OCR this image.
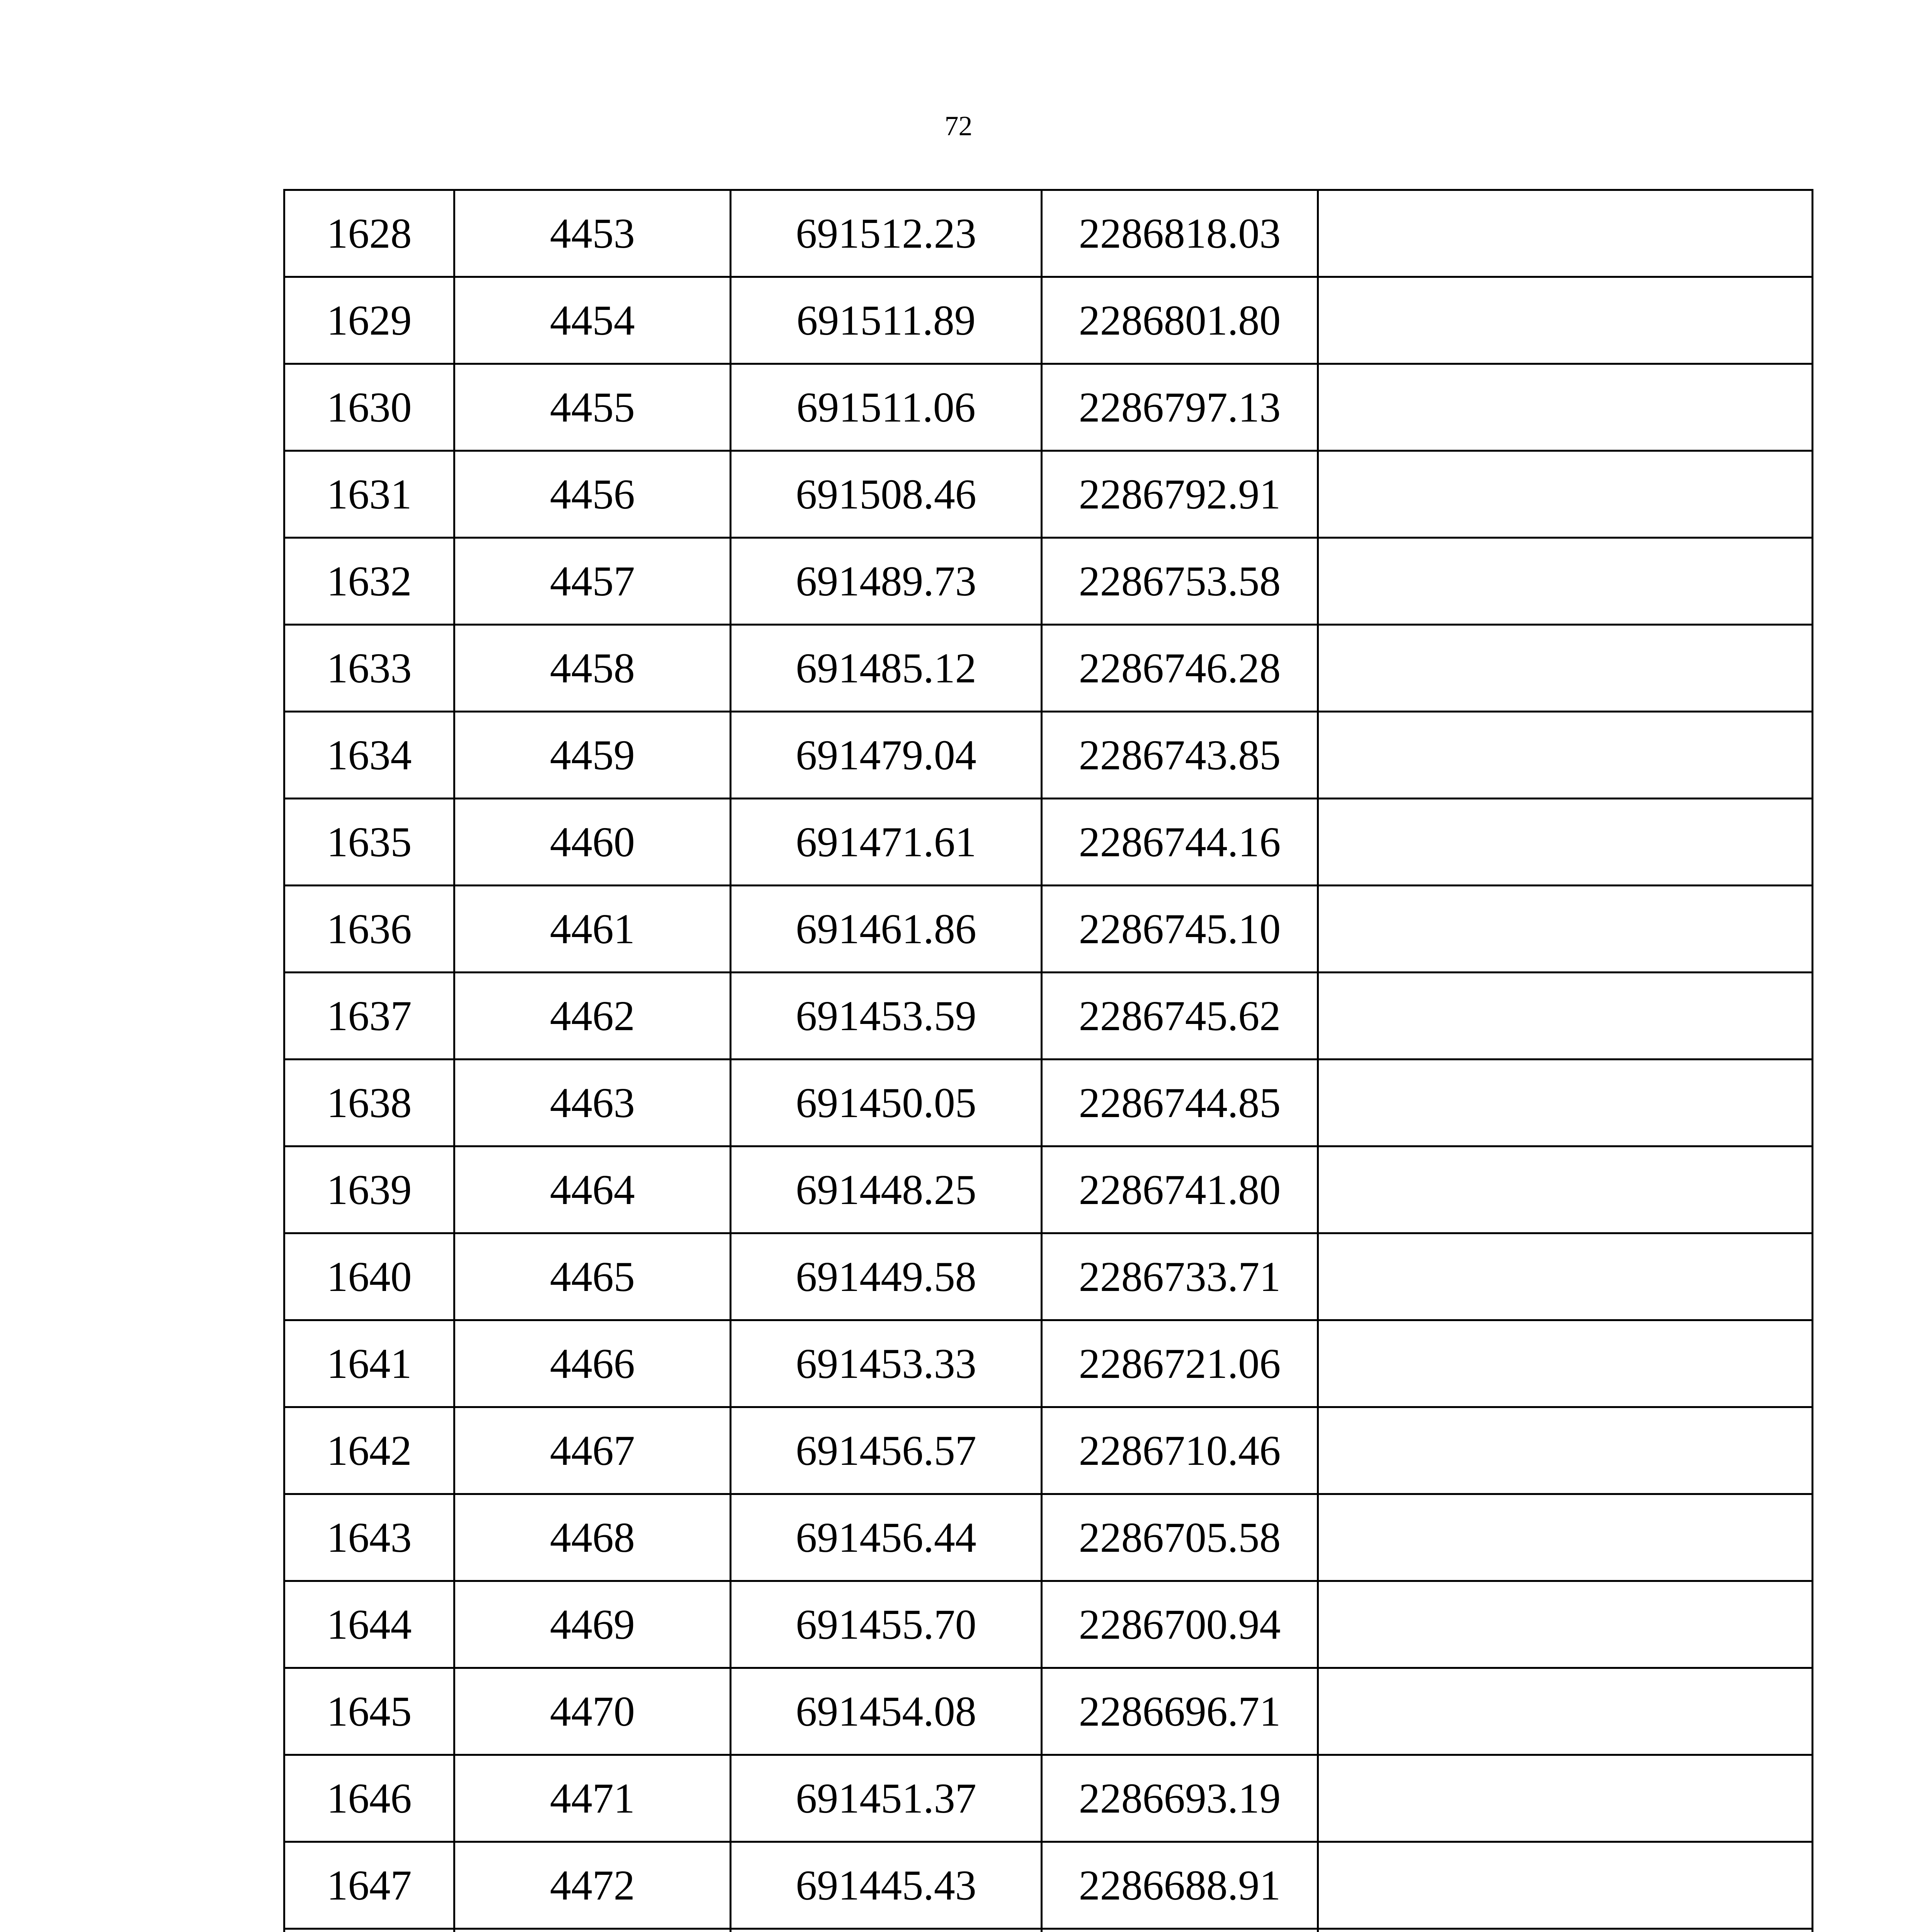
72
1628	4453	691512.23	2286818.03	
1629	4454	691511.89	2286801.80	
1630	4455	691511.06	2286797.13	
1631	4456	691508.46	2286792.91	
1632	4457	691489.73	2286753.58	
1633	4458	691485.12	2286746.28	
1634	4459	691479.04	2286743.85	
1635	4460	691471.61	2286744.16	
1636	4461	691461.86	2286745.10	
1637	4462	691453.59	2286745.62	
1638	4463	691450.05	2286744.85	
1639	4464	691448.25	2286741.80	
1640	4465	691449.58	2286733.71	
1641	4466	691453.33	2286721.06	
1642	4467	691456.57	2286710.46	
1643	4468	691456.44	2286705.58	
1644	4469	691455.70	2286700.94	
1645	4470	691454.08	2286696.71	
1646	4471	691451.37	2286693.19	
1647	4472	691445.43	2286688.91	
